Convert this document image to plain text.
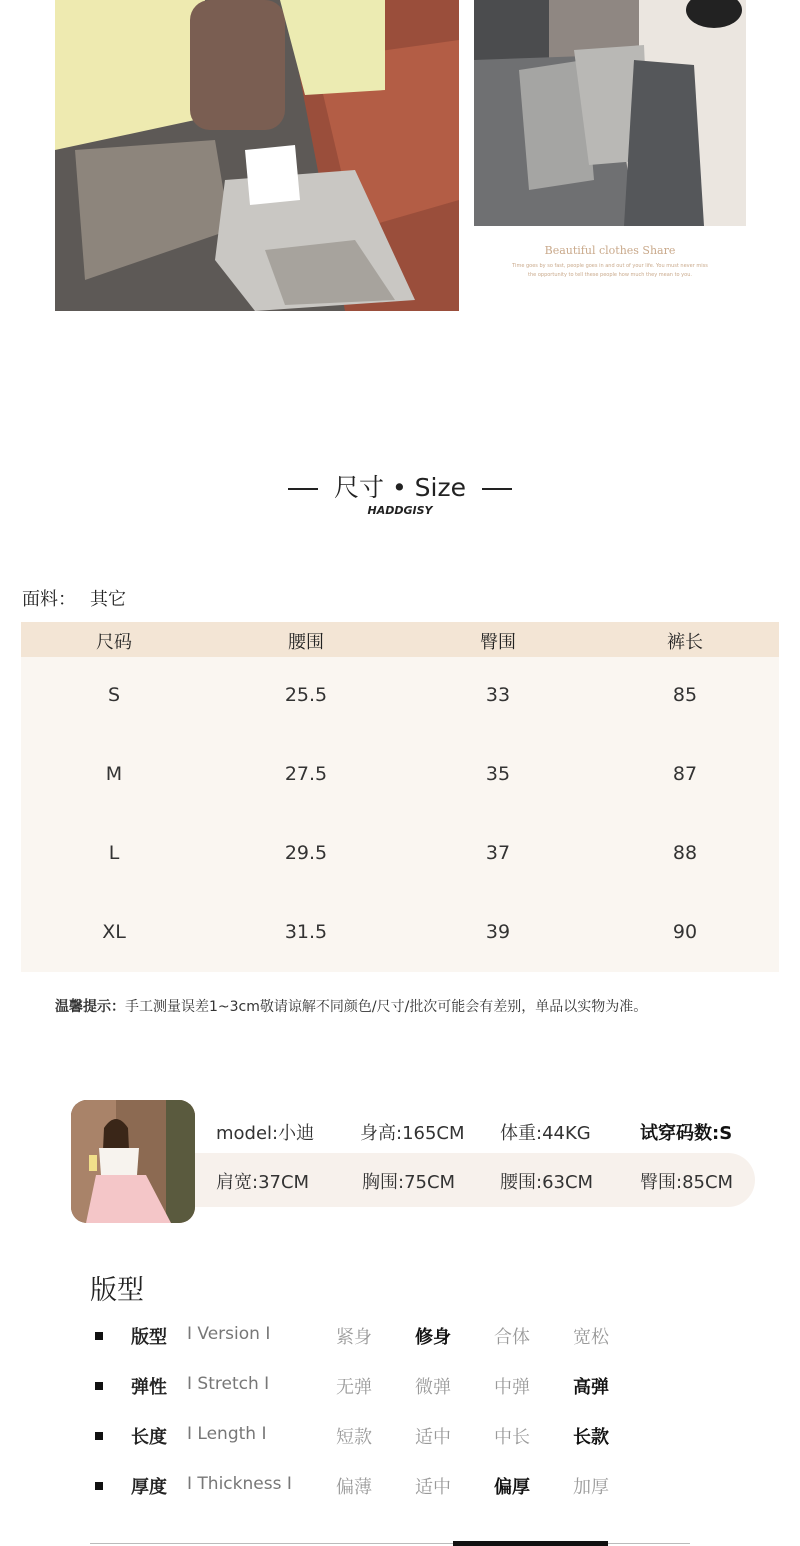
Beautiful clothes Share
Time goes by so fast, people goes in and out of your life. You must never miss
the opportunity to tell these people how much they mean to you.
尺寸 • Size
HADDGISY
面料： 其它
尺码	腰围	臀围	裤长
S	25.5	33	85
M	27.5	35	87
L	29.5	37	88
XL	31.5	39	90
温馨提示：手工测量误差1~3cm敬请谅解不同颜色/尺寸/批次可能会有差别，单品以实物为准。
model:小迪	身高:165CM 体重:44KG	试穿码数:S
肩宽:37CM	胸围:75CM 腰围:63CM	臀围:85CM
版型
版型 I Version I	紧身 修身 合体 宽松
弹性 I Stretch I	无弹 微弹 中弹 高弹
长度 I Length I	短款 适中 中长 长款
厚度 I Thickness I 偏薄 适中 偏厚 加厚
